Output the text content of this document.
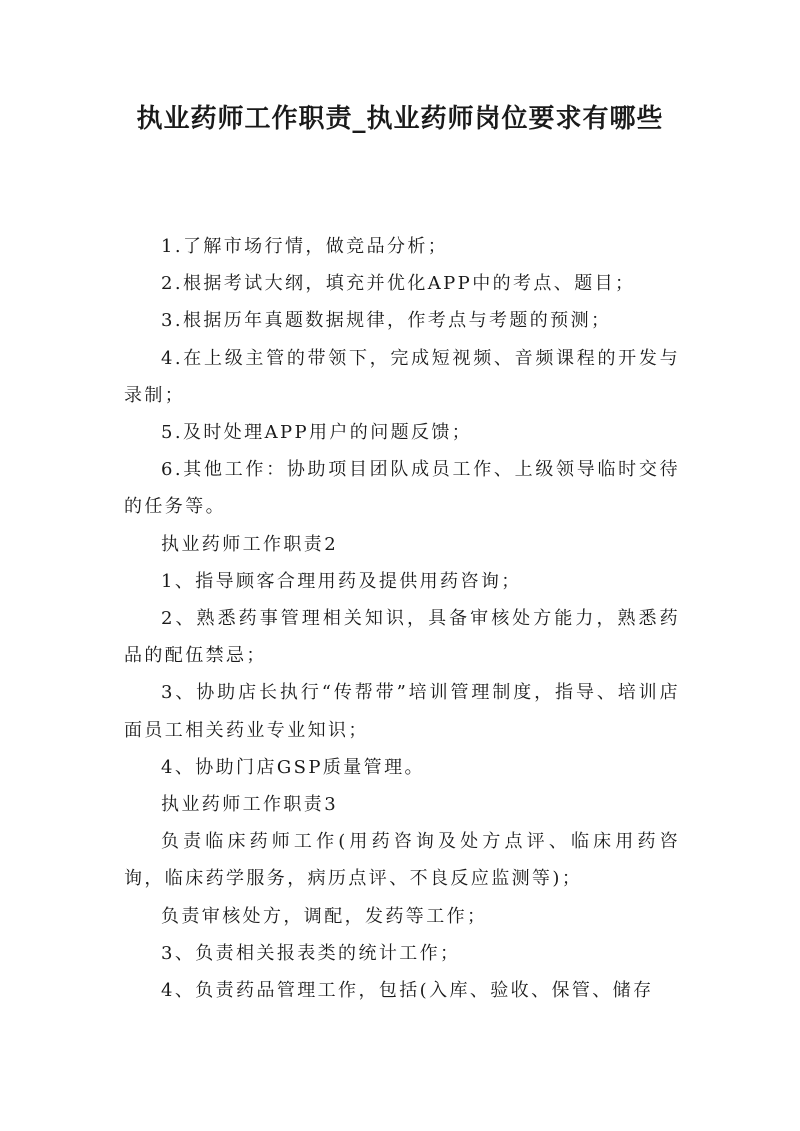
执业药师工作职责_执业药师岗位要求有哪些

1.了解市场行情，做竞品分析；

2.根据考试大纲，填充并优化APP中的考点、题目；

3.根据历年真题数据规律，作考点与考题的预测；

4.在上级主管的带领下，完成短视频、音频课程的开发与录制；

5.及时处理APP用户的问题反馈；

6.其他工作：协助项目团队成员工作、上级领导临时交待的任务等。

执业药师工作职责2

1、指导顾客合理用药及提供用药咨询；

2、熟悉药事管理相关知识，具备审核处方能力，熟悉药品的配伍禁忌；

3、协助店长执行“传帮带”培训管理制度，指导、培训店面员工相关药业专业知识；

4、协助门店GSP质量管理。

执业药师工作职责3

负责临床药师工作(用药咨询及处方点评、临床用药咨询，临床药学服务，病历点评、不良反应监测等)；

负责审核处方，调配，发药等工作；

3、负责相关报表类的统计工作；

4、负责药品管理工作，包括(入库、验收、保管、储存
